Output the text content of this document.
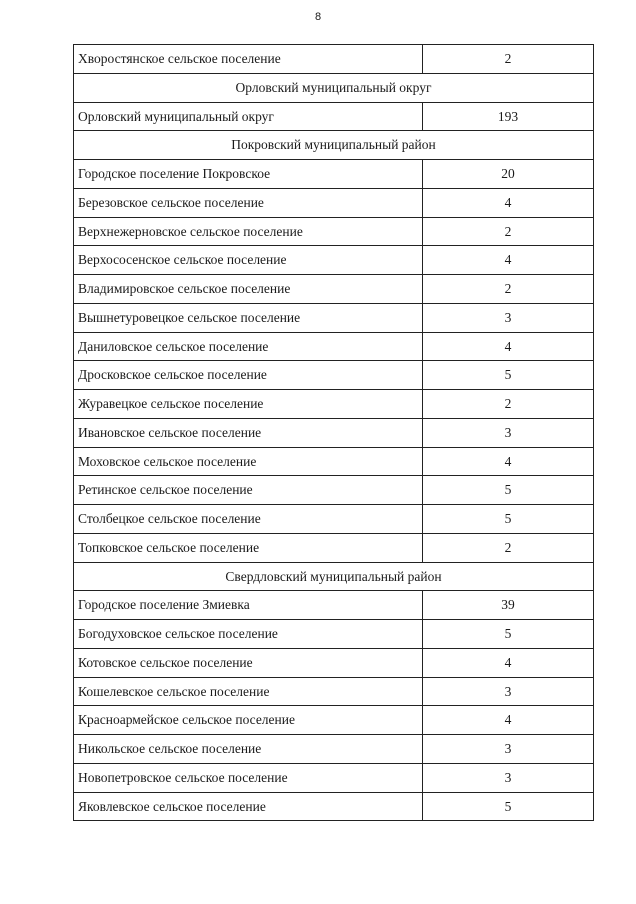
8
Хворостянское сельское поселение	2
Орловский муниципальный округ	
Орловский муниципальный округ	193
Покровский муниципальный район	
Городское поселение Покровское	20
Березовское сельское поселение	4
Верхнежерновское сельское поселение	2
Верхососенское сельское поселение	4
Владимировское сельское поселение	2
Вышнетуровецкое сельское поселение	3
Даниловское сельское поселение	4
Дросковское сельское поселение	5
Журавецкое сельское поселение	2
Ивановское сельское поселение	3
Моховское сельское поселение	4
Ретинское сельское поселение	5
Столбецкое сельское поселение	5
Топковское сельское поселение	2
Свердловский муниципальный район	
Городское поселение Змиевка	39
Богодуховское сельское поселение	5
Котовское сельское поселение	4
Кошелевское сельское поселение	3
Красноармейское сельское поселение	4
Никольское сельское поселение	3
Новопетровское сельское поселение	3
Яковлевское сельское поселение	5
